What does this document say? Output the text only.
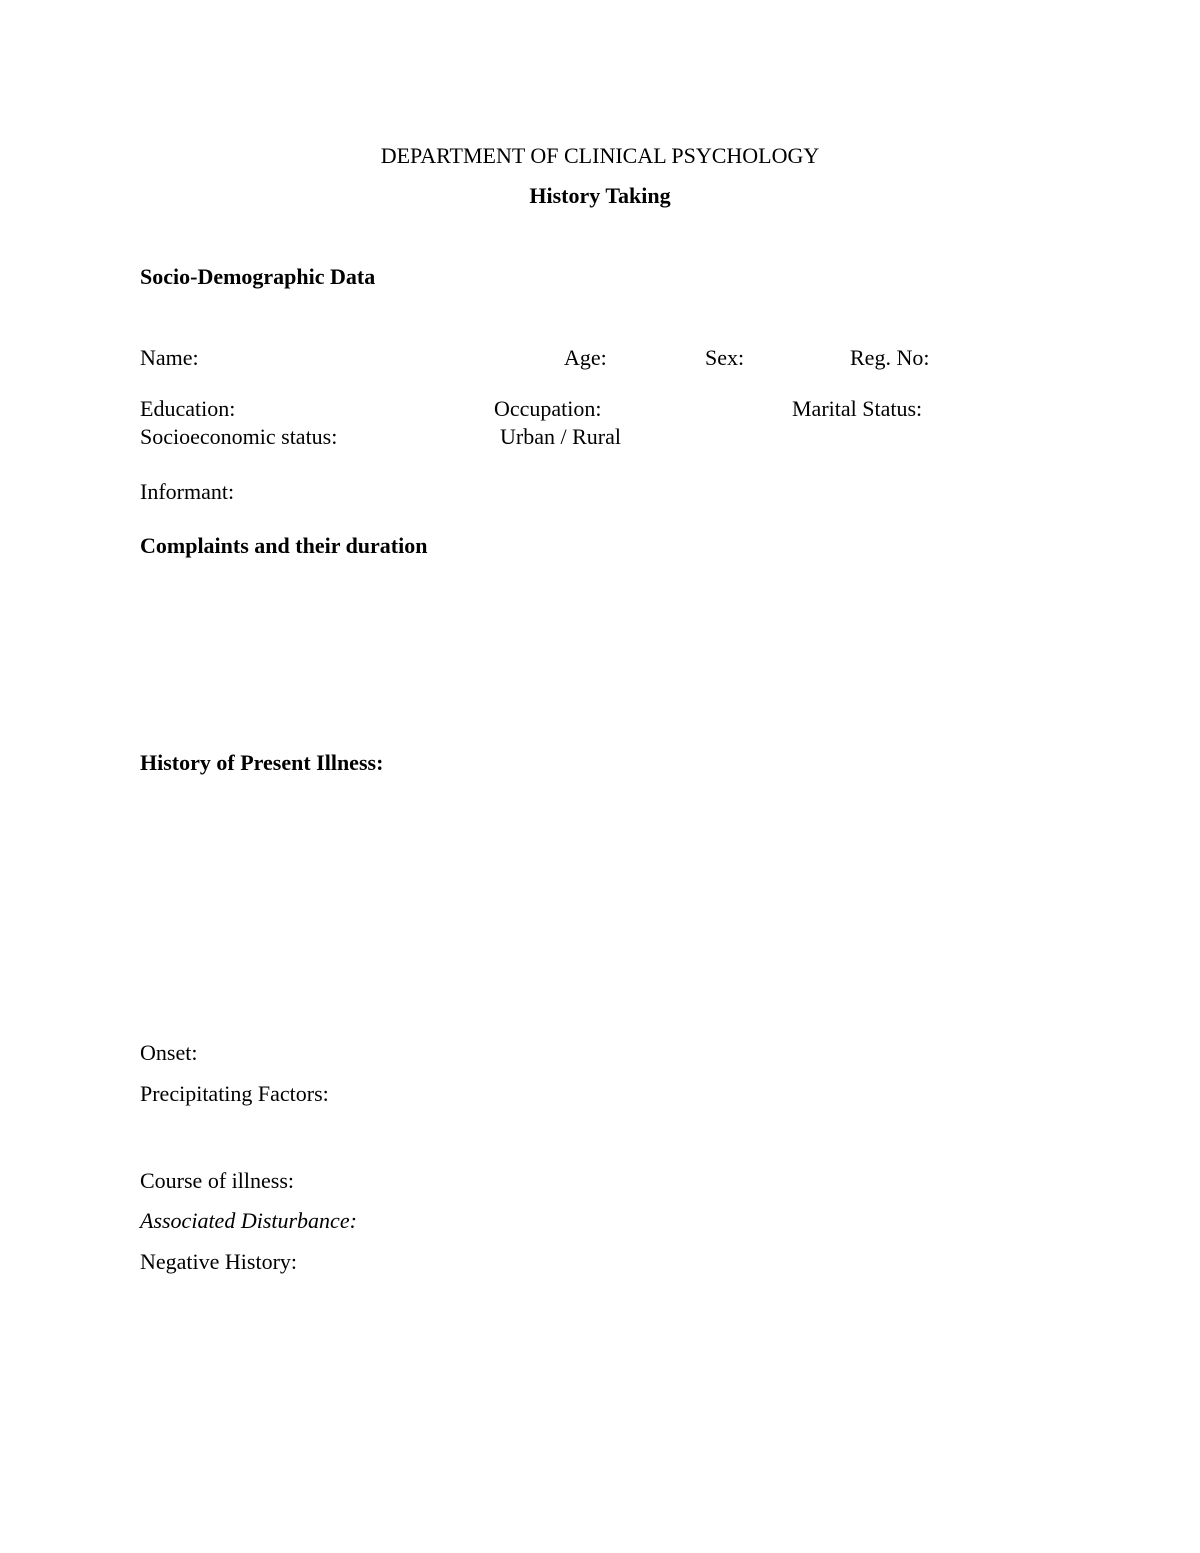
DEPARTMENT OF CLINICAL PSYCHOLOGY
History Taking
Socio-Demographic Data
Name:	Age:	Sex:	Reg. No:
Education:	Occupation:	Marital Status:
Socioeconomic status:	Urban / Rural
Informant:
Complaints and their duration
History of Present Illness:
Onset:
Precipitating Factors:
Course of illness:
Associated Disturbance:
Negative History:
